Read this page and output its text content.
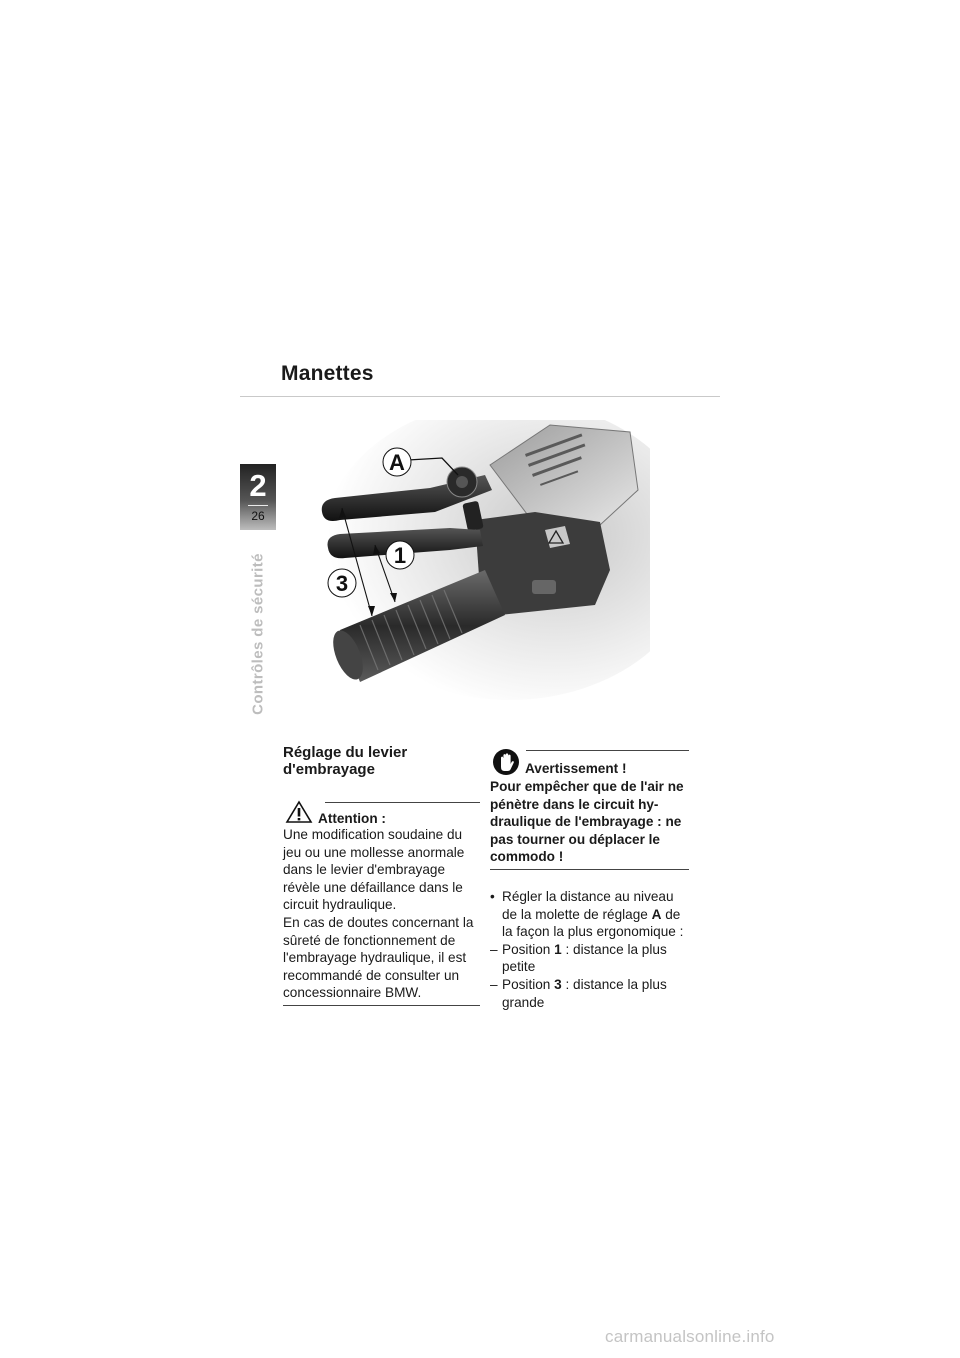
Manettes
2
26
Contrôles de sécurité
A
1
3
Réglage du levier d'embrayage
Attention :

Une modification soudaine du jeu ou une mollesse anormale dans le levier d'embrayage révèle une défaillance dans le circuit hydraulique.

En cas de doutes concernant la sûreté de fonctionnement de l'embrayage hydraulique, il est recommandé de consulter un concessionnaire BMW.

Avertissement !

Pour empêcher que de l'air ne pénètre dans le circuit hy- draulique de l'embrayage : ne pas tourner ou déplacer le commodo !

• Régler la distance au niveau de la molette de réglage A de la façon la plus ergonomique :
– Position 1 : distance la plus petite
– Position 3 : distance la plus grande
carmanualsonline.info
